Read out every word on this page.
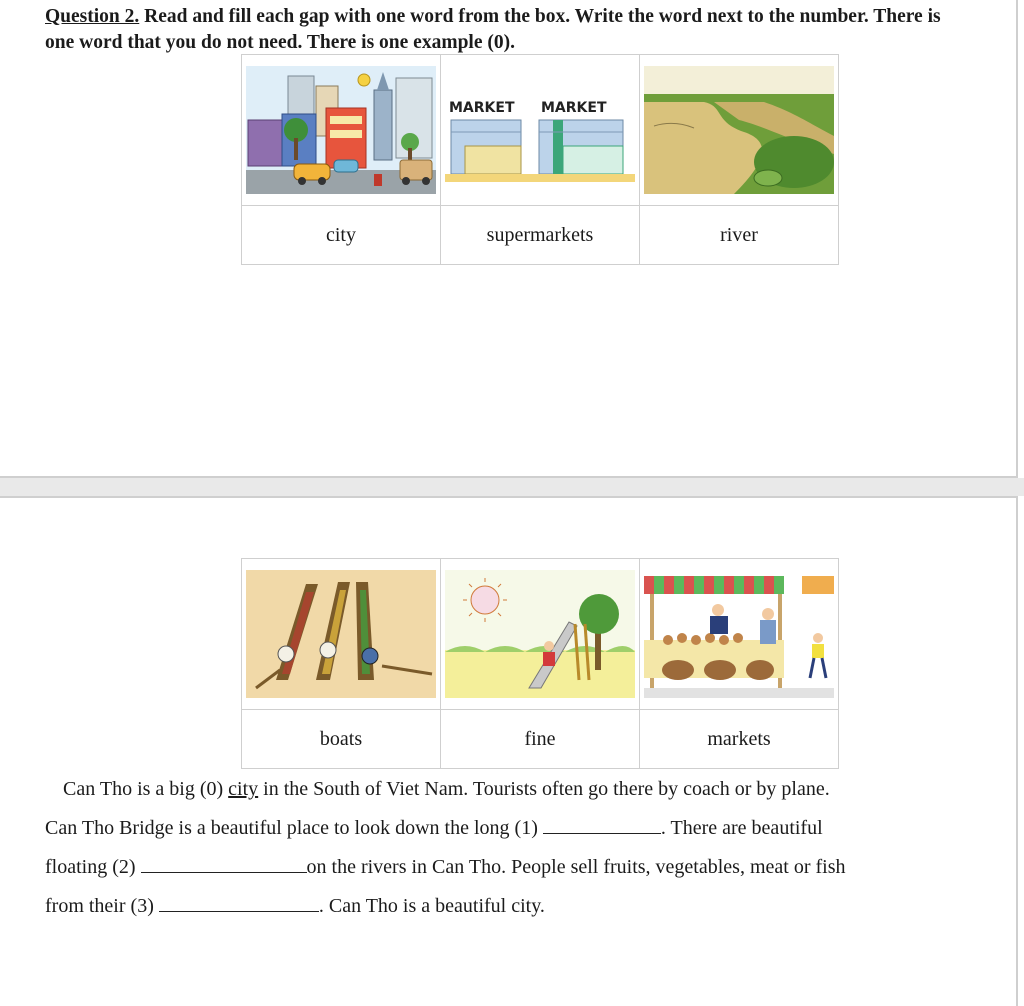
Question 2. Read and fill each gap with one word from the box. Write the word next to the number. There is one word that you do not need. There is one example (0).

MARKET MARKET

city	supermarkets	river

boats	fine	markets

Can Tho is a big (0) city in the South of Viet Nam. Tourists often go there by coach or by plane.

Can Tho Bridge is a beautiful place to look down the long (1)	. There are beautiful

floating (2)	on the rivers in Can Tho. People sell fruits, vegetables, meat or fish

from their (3)	. Can Tho is a beautiful city.
